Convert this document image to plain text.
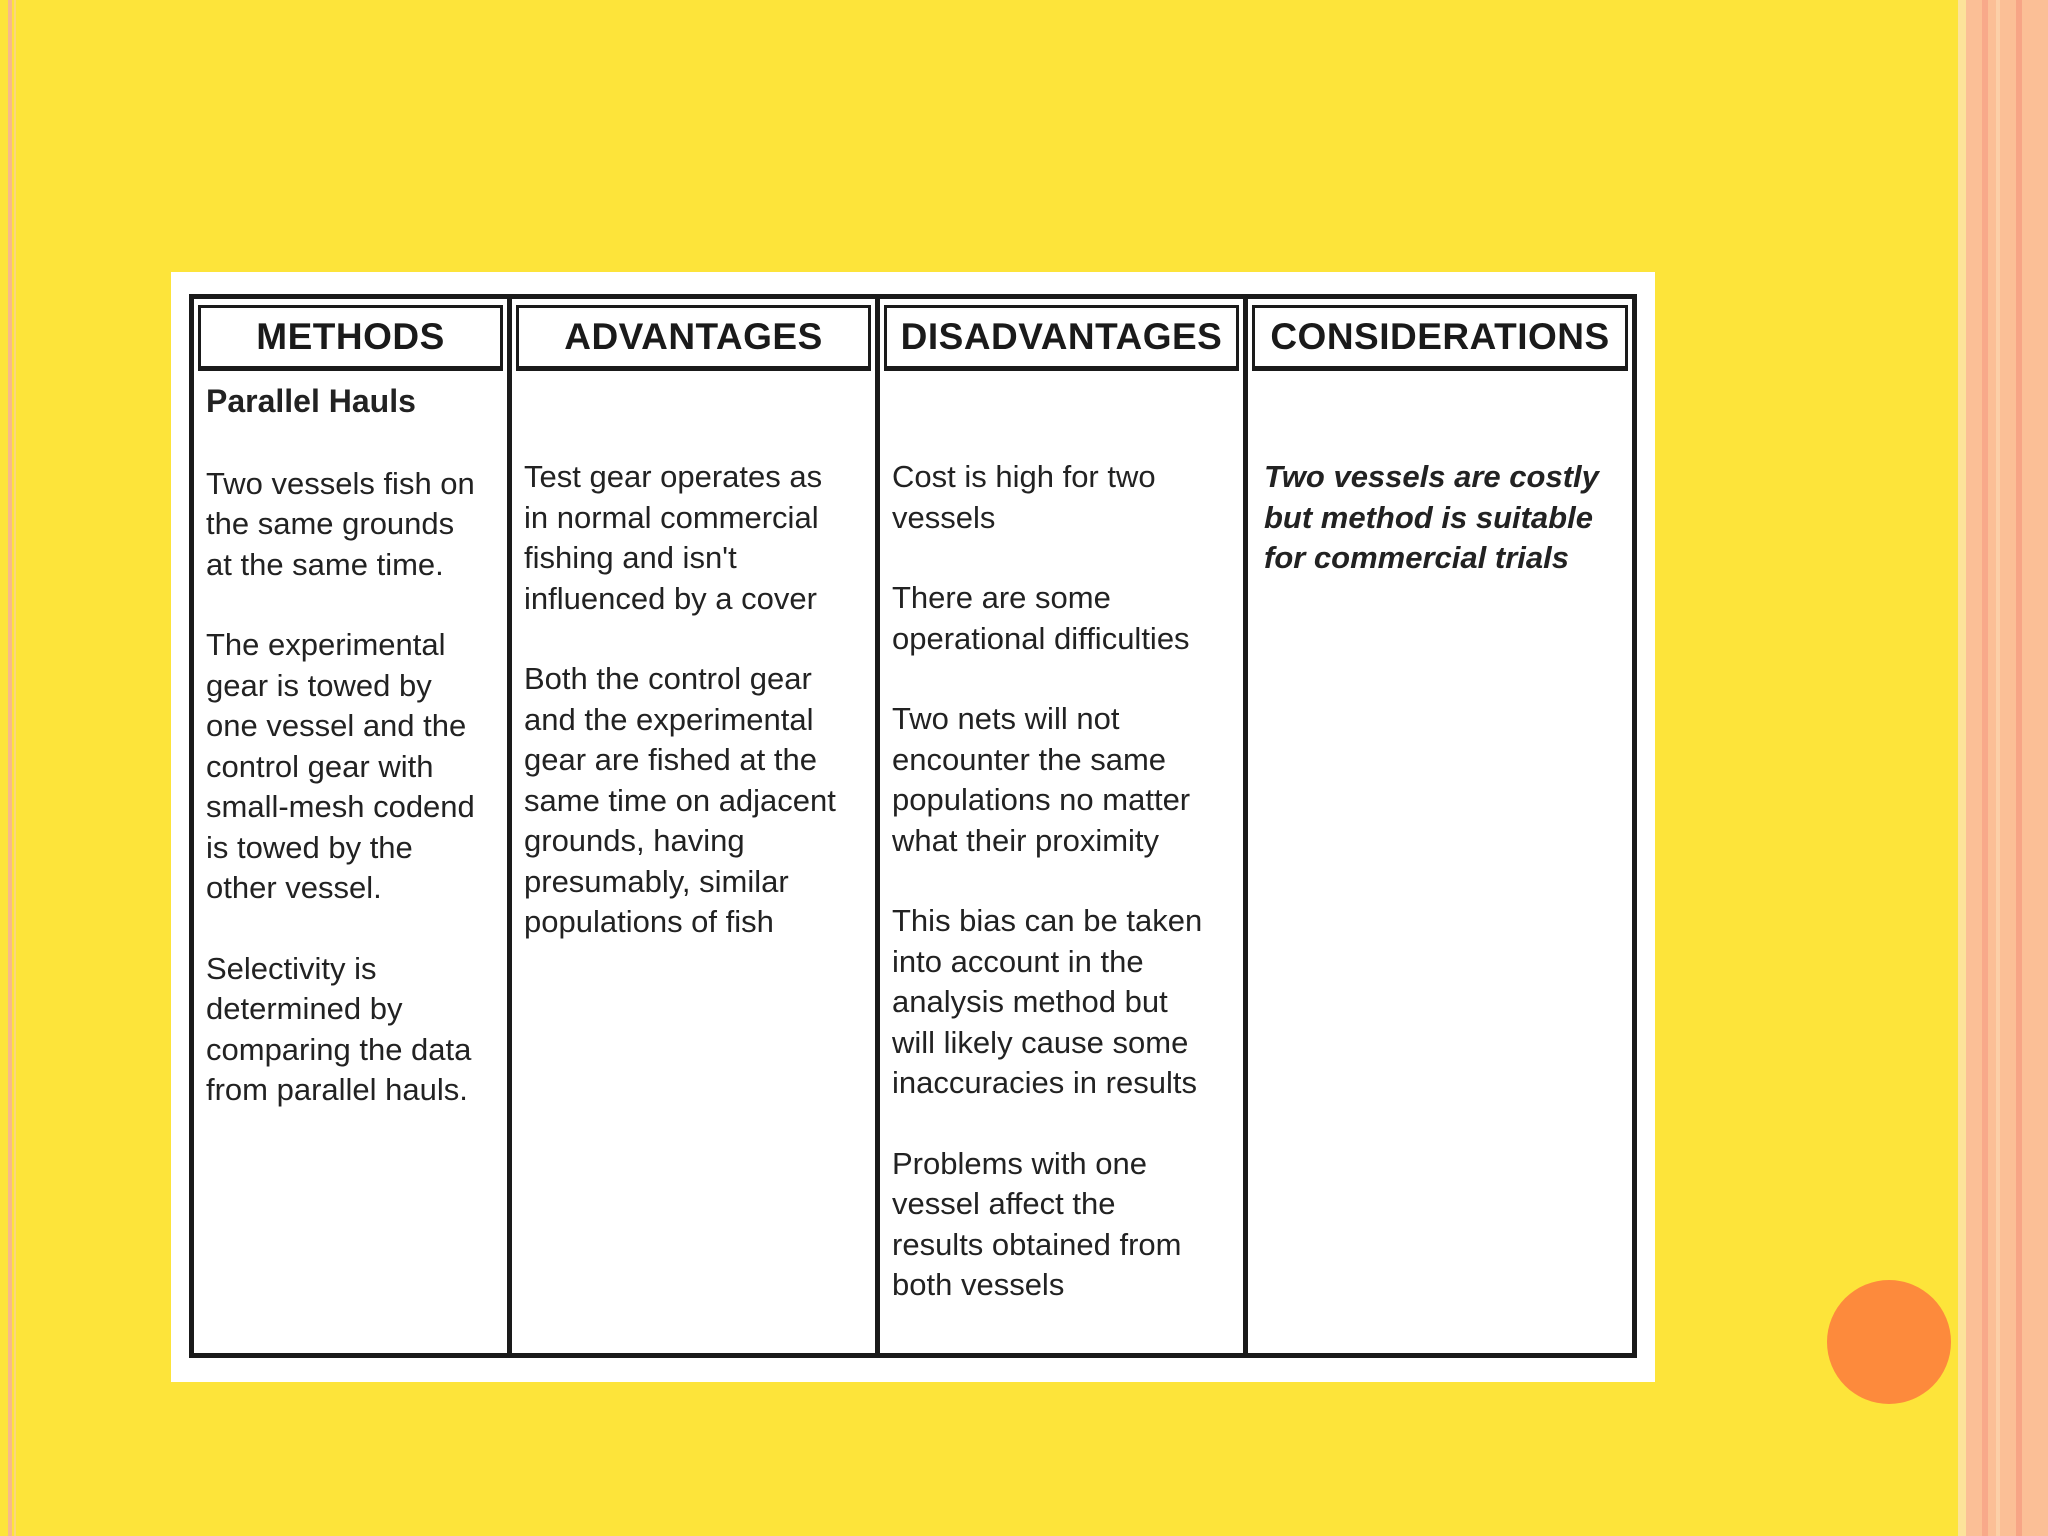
METHODS
Parallel Hauls
Two vessels fish on
the same grounds
at the same time.
The experimental
gear is towed by
one vessel and the
control gear with
small-mesh codend
is towed by the
other vessel.
Selectivity is
determined by
comparing the data
from parallel hauls.
ADVANTAGES
Test gear operates as
in normal commercial
fishing and isn't
influenced by a cover
Both the control gear
and the experimental
gear are fished at the
same time on adjacent
grounds, having
presumably, similar
populations of fish
DISADVANTAGES
Cost is high for two
vessels
There are some
operational difficulties
Two nets will not
encounter the same
populations no matter
what their proximity
This bias can be taken
into account in the
analysis method but
will likely cause some
inaccuracies in results
Problems with one
vessel affect the
results obtained from
both vessels
CONSIDERATIONS
Two vessels are costly
but method is suitable
for commercial trials
